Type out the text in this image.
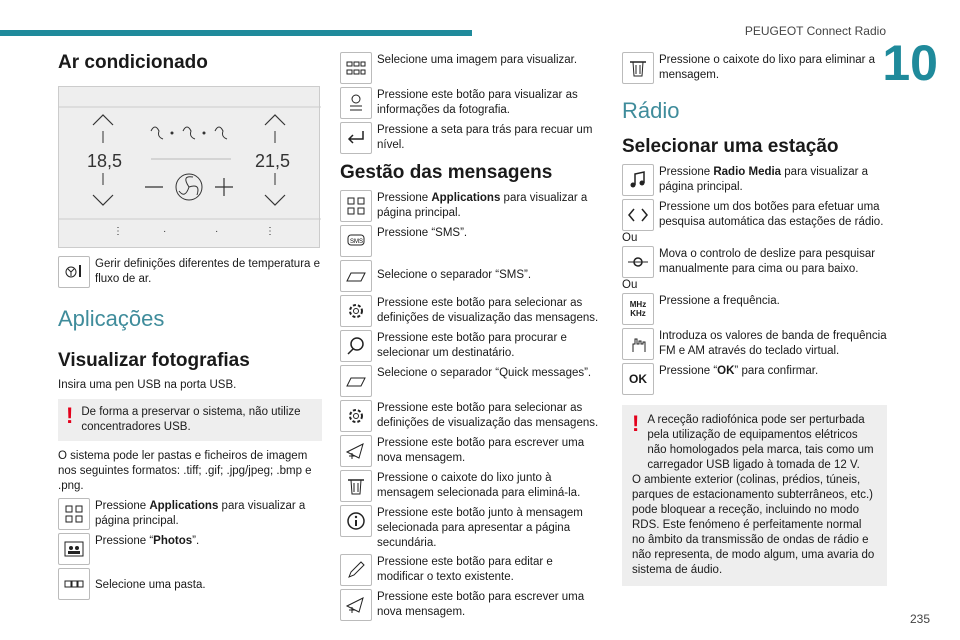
PEUGEOT Connect Radio
10
Ar condicionado
⋮	·	·	⋮
18,5	21,5
Gerir definições diferentes de temperatura e fluxo de ar.
Aplicações
Visualizar fotografias
Insira uma pen USB na porta USB.
! De forma a preservar o sistema, não utilize concentradores USB.
O sistema pode ler pastas e ficheiros de imagem nos seguintes formatos: .tiff; .gif; .jpg/jpeg; .bmp e .png.
Pressione Applications para visualizar a página principal.
Pressione “Photos”.
Selecione uma pasta.
Selecione uma imagem para visualizar.
Pressione este botão para visualizar as informações da fotografia.
Pressione a seta para trás para recuar um nível.
Gestão das mensagens
Pressione Applications para visualizar a página principal.
SMS
Pressione “SMS”.
Selecione o separador “SMS”.
Pressione este botão para selecionar as definições de visualização das mensagens.
Pressione este botão para procurar e selecionar um destinatário.
Selecione o separador “Quick messages”.
Pressione este botão para selecionar as definições de visualização das mensagens.
Pressione este botão para escrever uma nova mensagem.
Pressione o caixote do lixo junto à mensagem selecionada para eliminá-la.
Pressione este botão junto à mensagem selecionada para apresentar a página secundária.
Pressione este botão para editar e modificar o texto existente.
Pressione este botão para escrever uma nova mensagem.
Pressione o caixote do lixo para eliminar a mensagem.
Rádio
Selecionar uma estação
Pressione Radio Media para visualizar a página principal.
Pressione um dos botões para efetuar uma pesquisa automática das estações de rádio.
Ou
Mova o controlo de deslize para pesquisar manualmente para cima ou para baixo.
Ou
MHz
KHz
Pressione a frequência.
Introduza os valores de banda de frequência FM e AM através do teclado virtual.
OK
Pressione “OK” para confirmar.
! A receção radiofónica pode ser perturbada pela utilização de equipamentos elétricos não homologados pela marca, tais como um carregador USB ligado à tomada de 12 V.
O ambiente exterior (colinas, prédios, túneis, parques de estacionamento subterrâneos, etc.) pode bloquear a receção, incluindo no modo RDS. Este fenómeno é perfeitamente normal no âmbito da transmissão de ondas de rádio e não representa, de modo algum, uma avaria do sistema de áudio.
235
